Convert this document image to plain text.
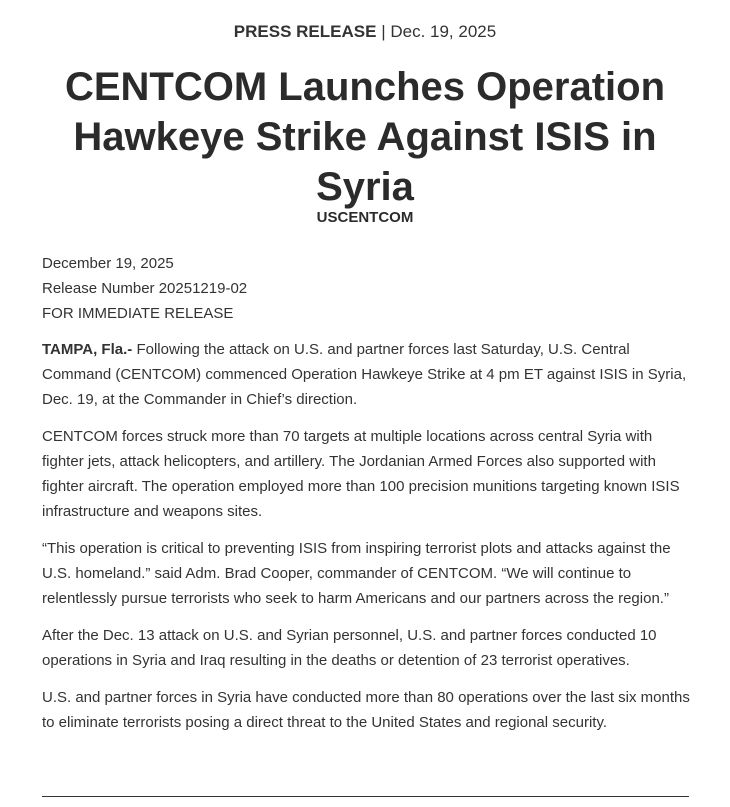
PRESS RELEASE | Dec. 19, 2025
CENTCOM Launches Operation Hawkeye Strike Against ISIS in Syria
USCENTCOM
December 19, 2025
Release Number 20251219-02
FOR IMMEDIATE RELEASE

TAMPA, Fla.- Following the attack on U.S. and partner forces last Saturday, U.S. Central Command (CENTCOM) commenced Operation Hawkeye Strike at 4 pm ET against ISIS in Syria, Dec. 19, at the Commander in Chief’s direction.

CENTCOM forces struck more than 70 targets at multiple locations across central Syria with fighter jets, attack helicopters, and artillery. The Jordanian Armed Forces also supported with fighter aircraft. The operation employed more than 100 precision munitions targeting known ISIS infrastructure and weapons sites.

“This operation is critical to preventing ISIS from inspiring terrorist plots and attacks against the U.S. homeland.” said Adm. Brad Cooper, commander of CENTCOM. “We will continue to relentlessly pursue terrorists who seek to harm Americans and our partners across the region.”

After the Dec. 13 attack on U.S. and Syrian personnel, U.S. and partner forces conducted 10 operations in Syria and Iraq resulting in the deaths or detention of 23 terrorist operatives.

U.S. and partner forces in Syria have conducted more than 80 operations over the last six months to eliminate terrorists posing a direct threat to the United States and regional security.
